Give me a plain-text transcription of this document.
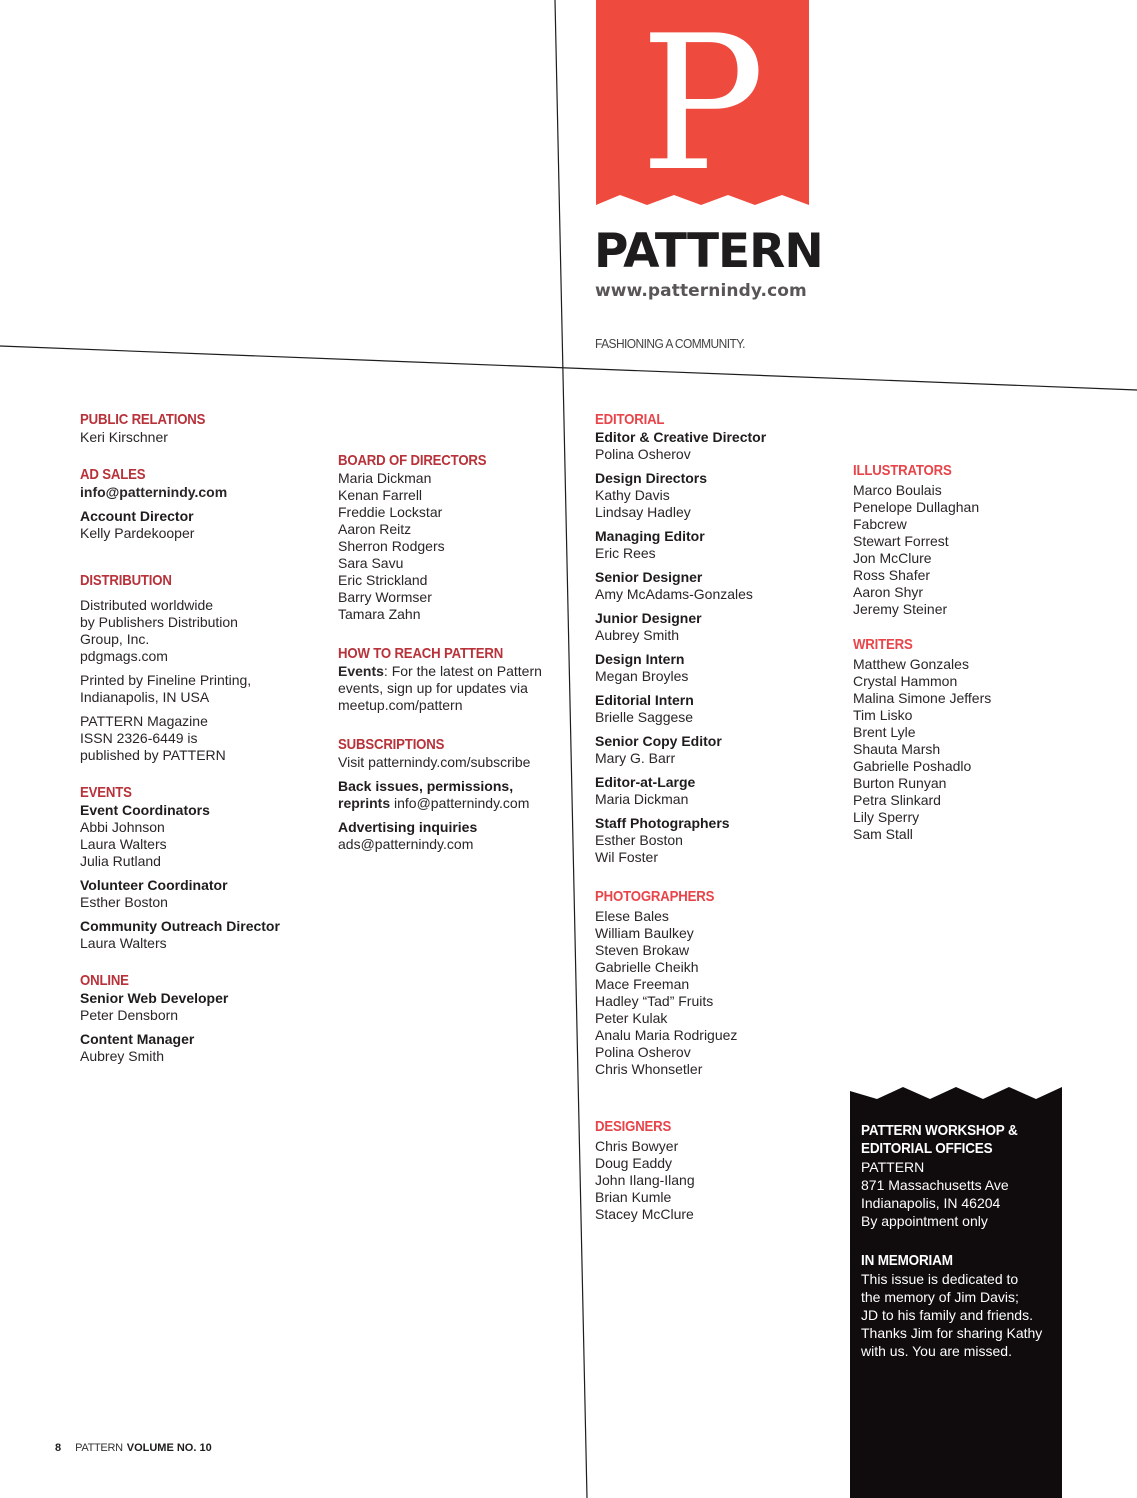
P
PATTERN
www.patternindy.com
FASHIONING A COMMUNITY.
PUBLIC RELATIONS
Keri Kirschner
AD SALES
info@patternindy.com
Account Director
Kelly Pardekooper
DISTRIBUTION
Distributed worldwide
by Publishers Distribution
Group, Inc.
pdgmags.com
Printed by Fineline Printing,
Indianapolis, IN USA
PATTERN Magazine
ISSN 2326-6449 is
published by PATTERN
EVENTS
Event Coordinators
Abbi Johnson
Laura Walters
Julia Rutland
Volunteer Coordinator
Esther Boston
Community Outreach Director
Laura Walters
ONLINE
Senior Web Developer
Peter Densborn
Content Manager
Aubrey Smith
BOARD OF DIRECTORS
Maria Dickman
Kenan Farrell
Freddie Lockstar
Aaron Reitz
Sherron Rodgers
Sara Savu
Eric Strickland
Barry Wormser
Tamara Zahn
HOW TO REACH PATTERN
Events: For the latest on Pattern
events, sign up for updates via
meetup.com/pattern
SUBSCRIPTIONS
Visit patternindy.com/subscribe
Back issues, permissions,
reprints info@patternindy.com
Advertising inquiries
ads@patternindy.com
EDITORIAL
Editor & Creative Director
Polina Osherov
Design Directors
Kathy Davis
Lindsay Hadley
Managing Editor
Eric Rees
Senior Designer
Amy McAdams-Gonzales
Junior Designer
Aubrey Smith
Design Intern
Megan Broyles
Editorial Intern
Brielle Saggese
Senior Copy Editor
Mary G. Barr
Editor-at-Large
Maria Dickman
Staff Photographers
Esther Boston
Wil Foster
PHOTOGRAPHERS
Elese Bales
William Baulkey
Steven Brokaw
Gabrielle Cheikh
Mace Freeman
Hadley “Tad” Fruits
Peter Kulak
Analu Maria Rodriguez
Polina Osherov
Chris Whonsetler
DESIGNERS
Chris Bowyer
Doug Eaddy
John Ilang-Ilang
Brian Kumle
Stacey McClure
ILLUSTRATORS
Marco Boulais
Penelope Dullaghan
Fabcrew
Stewart Forrest
Jon McClure
Ross Shafer
Aaron Shyr
Jeremy Steiner
WRITERS
Matthew Gonzales
Crystal Hammon
Malina Simone Jeffers
Tim Lisko
Brent Lyle
Shauta Marsh
Gabrielle Poshadlo
Burton Runyan
Petra Slinkard
Lily Sperry
Sam Stall
PATTERN WORKSHOP &
EDITORIAL OFFICES
PATTERN
871 Massachusetts Ave
Indianapolis, IN 46204
By appointment only
IN MEMORIAM
This issue is dedicated to
the memory of Jim Davis;
JD to his family and friends.
Thanks Jim for sharing Kathy
with us. You are missed.
8 PATTERN VOLUME NO. 10
